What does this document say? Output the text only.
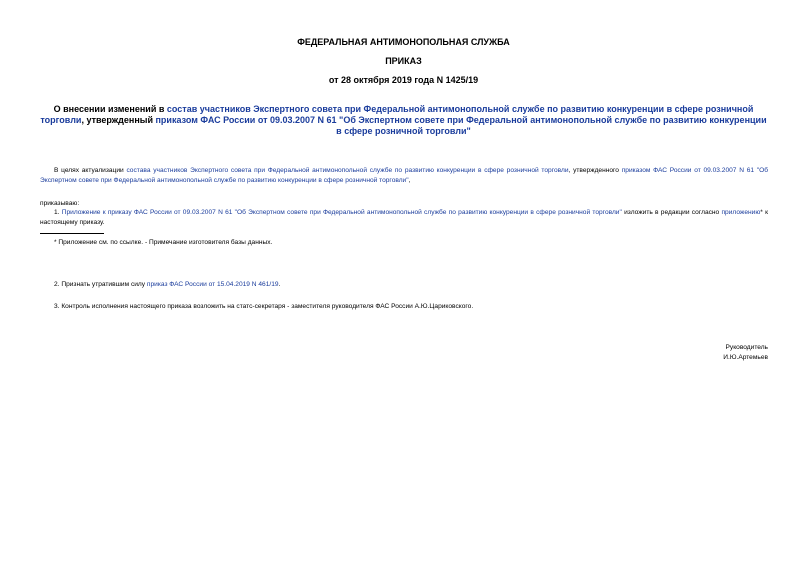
ФЕДЕРАЛЬНАЯ АНТИМОНОПОЛЬНАЯ СЛУЖБА
ПРИКАЗ
от 28 октября 2019 года N 1425/19
О внесении изменений в состав участников Экспертного совета при Федеральной антимонопольной службе по развитию конкуренции в сфере розничной торговли, утвержденный приказом ФАС России от 09.03.2007 N 61 "Об Экспертном совете при Федеральной антимонопольной службе по развитию конкуренции в сфере розничной торговли"
В целях актуализации состава участников Экспертного совета при Федеральной антимонопольной службе по развитию конкуренции в сфере розничной торговли, утвержденного приказом ФАС России от 09.03.2007 N 61 "Об Экспертном совете при Федеральной антимонопольной службе по развитию конкуренции в сфере розничной торговли",
приказываю:
1. Приложение к приказу ФАС России от 09.03.2007 N 61 "Об Экспертном совете при Федеральной антимонопольной службе по развитию конкуренции в сфере розничной торговли" изложить в редакции согласно приложению* к настоящему приказу.
* Приложение см. по ссылке. - Примечание изготовителя базы данных.
2. Признать утратившим силу приказ ФАС России от 15.04.2019 N 461/19.
3. Контроль исполнения настоящего приказа возложить на статс-секретаря - заместителя руководителя ФАС России А.Ю.Цариковского.
Руководитель
И.Ю.Артемьев
